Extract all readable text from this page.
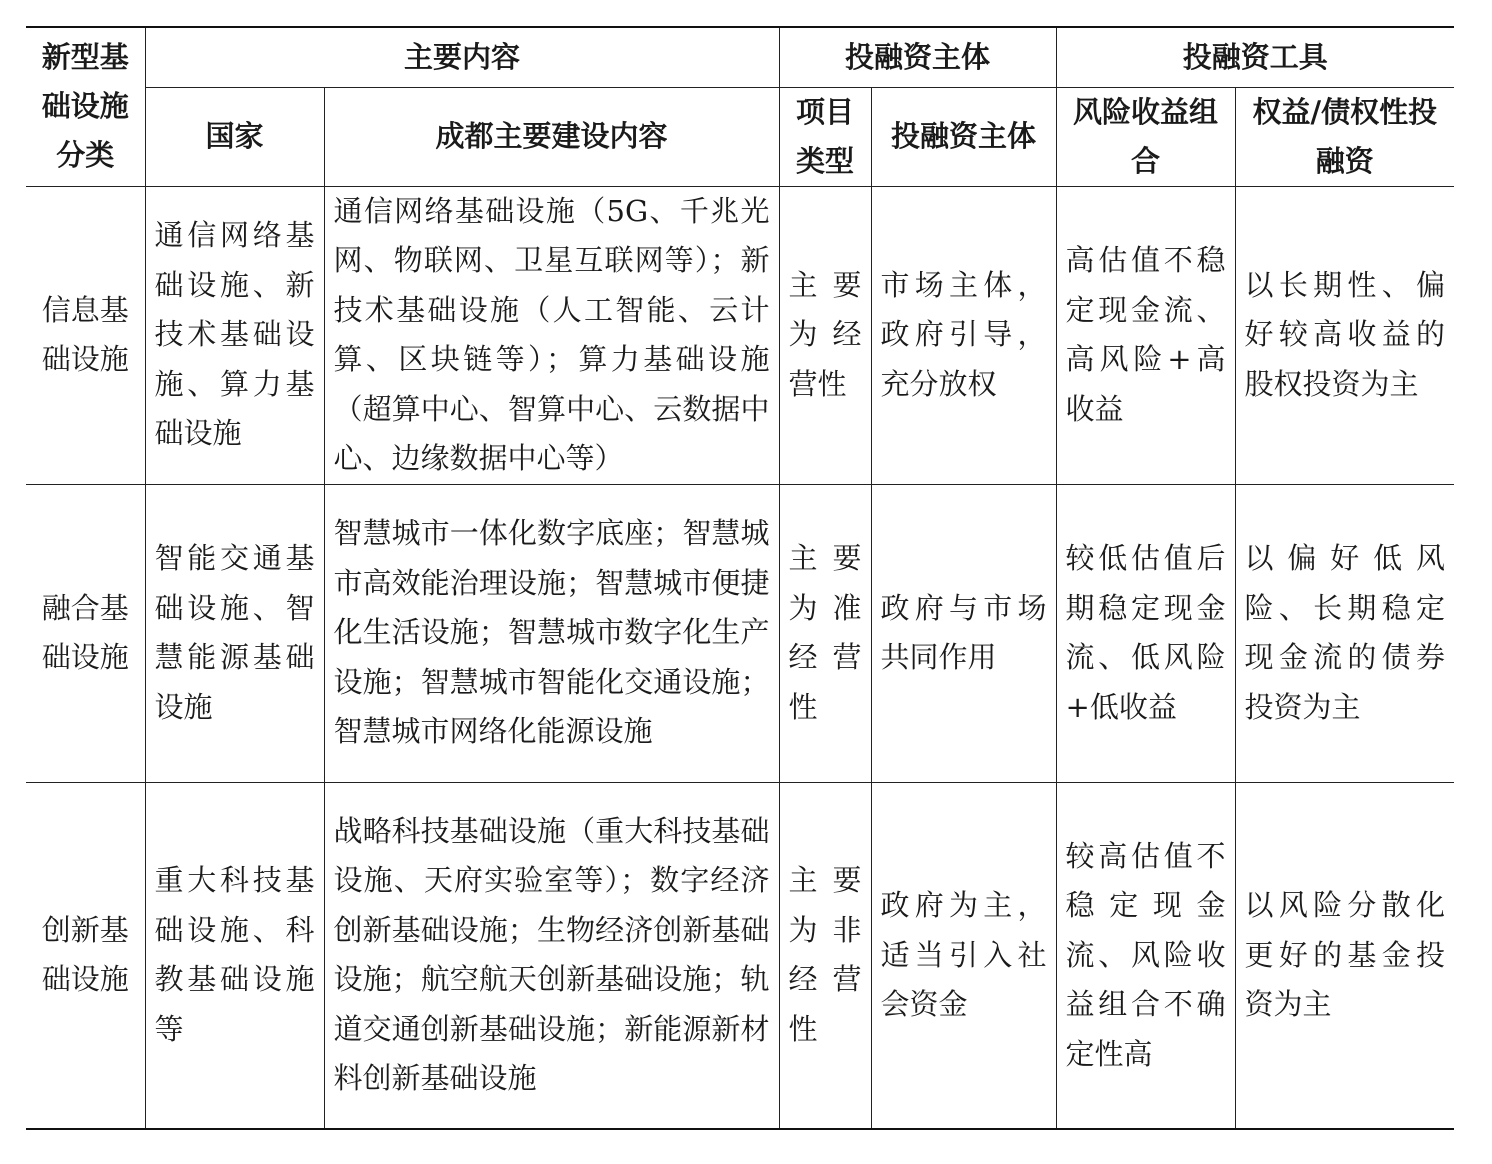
新型基础设施分类	主要内容		投融资主体		投融资工具	
	国家	成都主要建设内容	项目类型	投融资主体	风险收益组合	权益/债权性投融资
信息基础设施	通信网络基础设施、新技术基础设施、算力基础设施	通信网络基础设施（5G、千兆光网、物联网、卫星互联网等）；新技术基础设施（人工智能、云计算、区块链等）；算力基础设施（超算中心、智算中心、云数据中心、边缘数据中心等）	主要为经营性	市场主体，政府引导，充分放权	高估值不稳定现金流、高风险+高收益	以长期性、偏好较高收益的股权投资为主
融合基础设施	智能交通基础设施、智慧能源基础设施	智慧城市一体化数字底座；智慧城市高效能治理设施；智慧城市便捷化生活设施；智慧城市数字化生产设施；智慧城市智能化交通设施；智慧城市网络化能源设施	主要为准经营性	政府与市场共同作用	较低估值后期稳定现金流、低风险+低收益	以偏好低风险、长期稳定现金流的债券投资为主
创新基础设施	重大科技基础设施、科教基础设施等	战略科技基础设施（重大科技基础设施、天府实验室等）；数字经济创新基础设施；生物经济创新基础设施；航空航天创新基础设施；轨道交通创新基础设施；新能源新材料创新基础设施	主要为非经营性	政府为主，适当引入社会资金	较高估值不稳定现金流、风险收益组合不确定性高	以风险分散化更好的基金投资为主
